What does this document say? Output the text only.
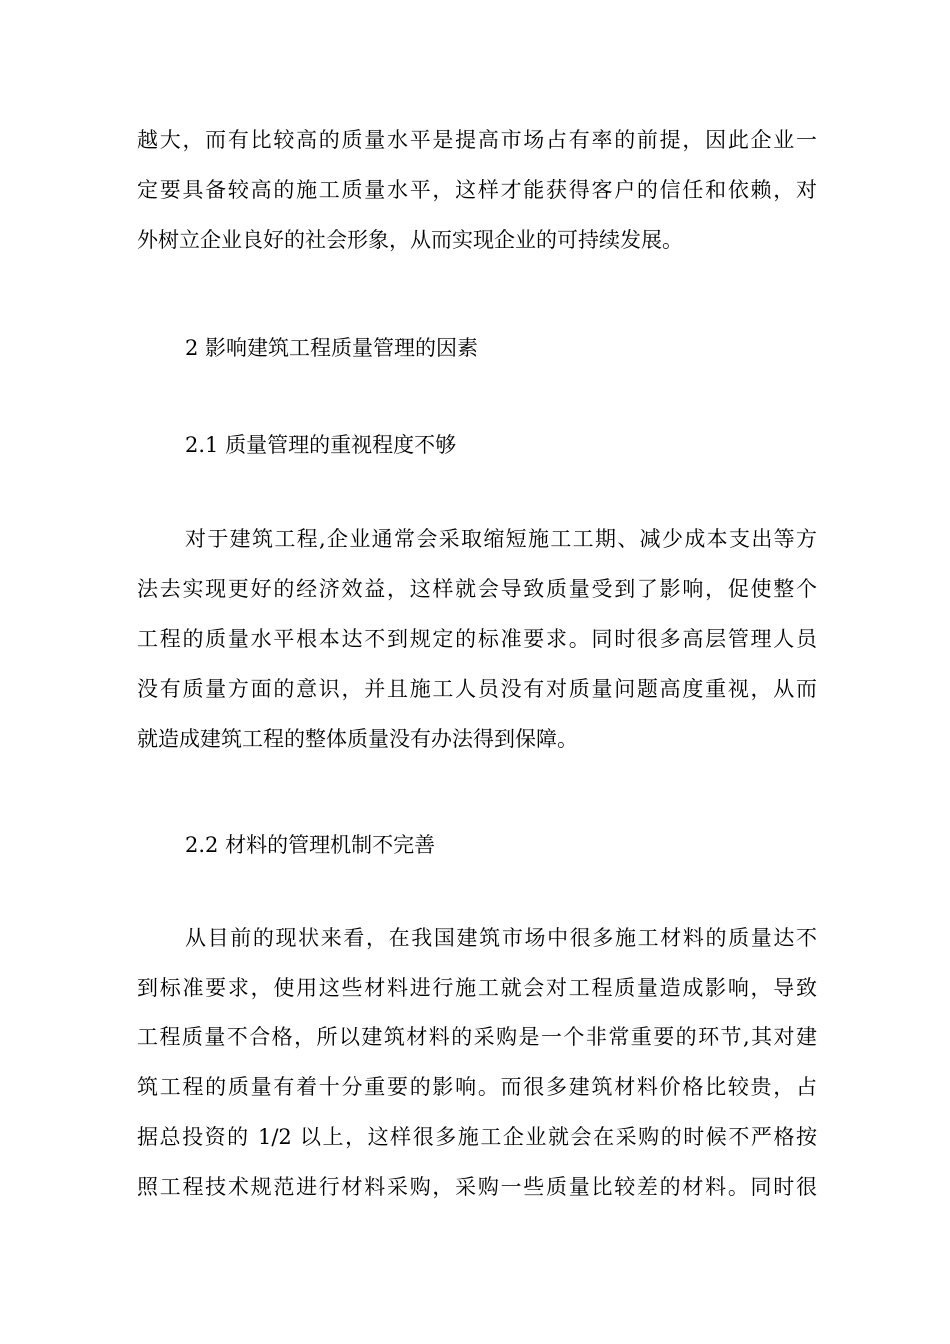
越大，而有比较高的质量水平是提高市场占有率的前提，因此企业一
定要具备较高的施工质量水平，这样才能获得客户的信任和依赖，对
外树立企业良好的社会形象，从而实现企业的可持续发展。
2 影响建筑工程质量管理的因素
2.1 质量管理的重视程度不够
对于建筑工程,企业通常会采取缩短施工工期、减少成本支出等方
法去实现更好的经济效益，这样就会导致质量受到了影响，促使整个
工程的质量水平根本达不到规定的标准要求。同时很多高层管理人员
没有质量方面的意识，并且施工人员没有对质量问题高度重视，从而
就造成建筑工程的整体质量没有办法得到保障。
2.2 材料的管理机制不完善
从目前的现状来看，在我国建筑市场中很多施工材料的质量达不
到标准要求，使用这些材料进行施工就会对工程质量造成影响，导致
工程质量不合格，所以建筑材料的采购是一个非常重要的环节,其对建
筑工程的质量有着十分重要的影响。而很多建筑材料价格比较贵，占
据总投资的 1/2 以上，这样很多施工企业就会在采购的时候不严格按
照工程技术规范进行材料采购，采购一些质量比较差的材料。同时很
